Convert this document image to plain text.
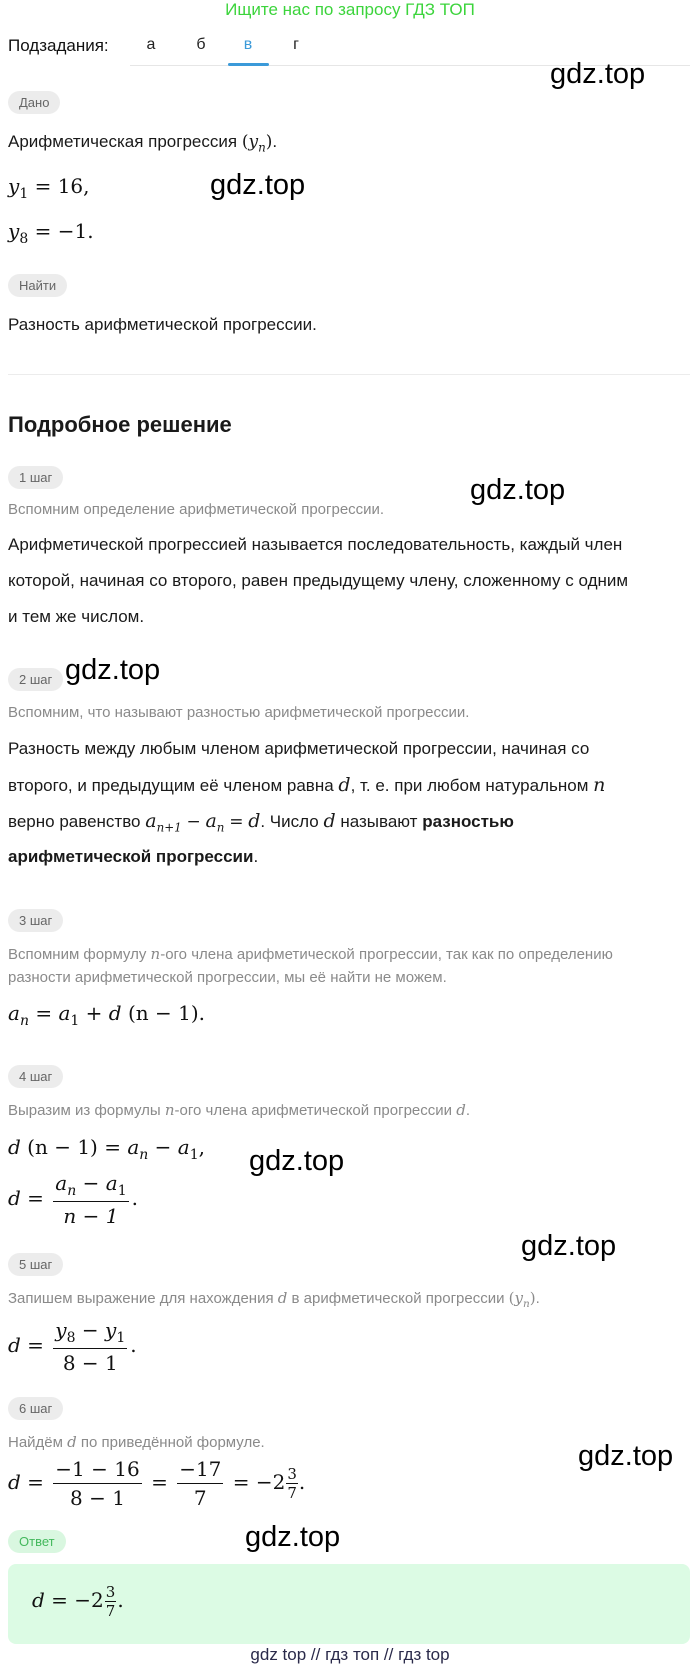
Ищите нас по запросу ГДЗ ТОП
Подзадания:	а	б	в	г
gdz.top
gdz.top
gdz.top
gdz.top
gdz.top
gdz.top
gdz.top
gdz.top
Дано
Арифметическая прогрессия $(y_n)$.
$y_1 = 16$,
$y_8 = -1$.
Найти
Разность арифметической прогрессии.
Подробное решение
1 шаг
Вспомним определение арифметической прогрессии.
Арифметической прогрессией называется последовательность, каждый член
которой, начиная со второго, равен предыдущему члену, сложенному с одним
и тем же числом.
2 шаг
Вспомним, что называют разностью арифметической прогрессии.
Разность между любым членом арифметической прогрессии, начиная со
второго, и предыдущим её членом равна d, т. е. при любом натуральном n
верно равенство $a_{n+1} - a_n = d$. Число d называют разностью
арифметической прогрессии.
3 шаг
Вспомним формулу n-ого члена арифметической прогрессии, так как по определению
разности арифметической прогрессии, мы её найти не можем.
$a_n = a_1 + d$ (n − 1).
4 шаг
Выразим из формулы n-ого члена арифметической прогрессии d.
d $(n - 1) = a_n - a_1$,
$d = \frac{a_n - a_1}{n - 1}$ .
5 шаг
Запишем выражение для нахождения d в арифметической прогрессии $(y_n)$.
$d = \frac{y_8 - y_1}{8 - 1}$ .
6 шаг
Найдём d по приведённой формуле.
$d = \frac{-1 - 16}{8 - 1} = \frac{-17}{7} = -2 \frac{3}{7}$ .
Ответ
$d = -2 \frac{3}{7}$ .
gdz top // гдз топ // гдз top
